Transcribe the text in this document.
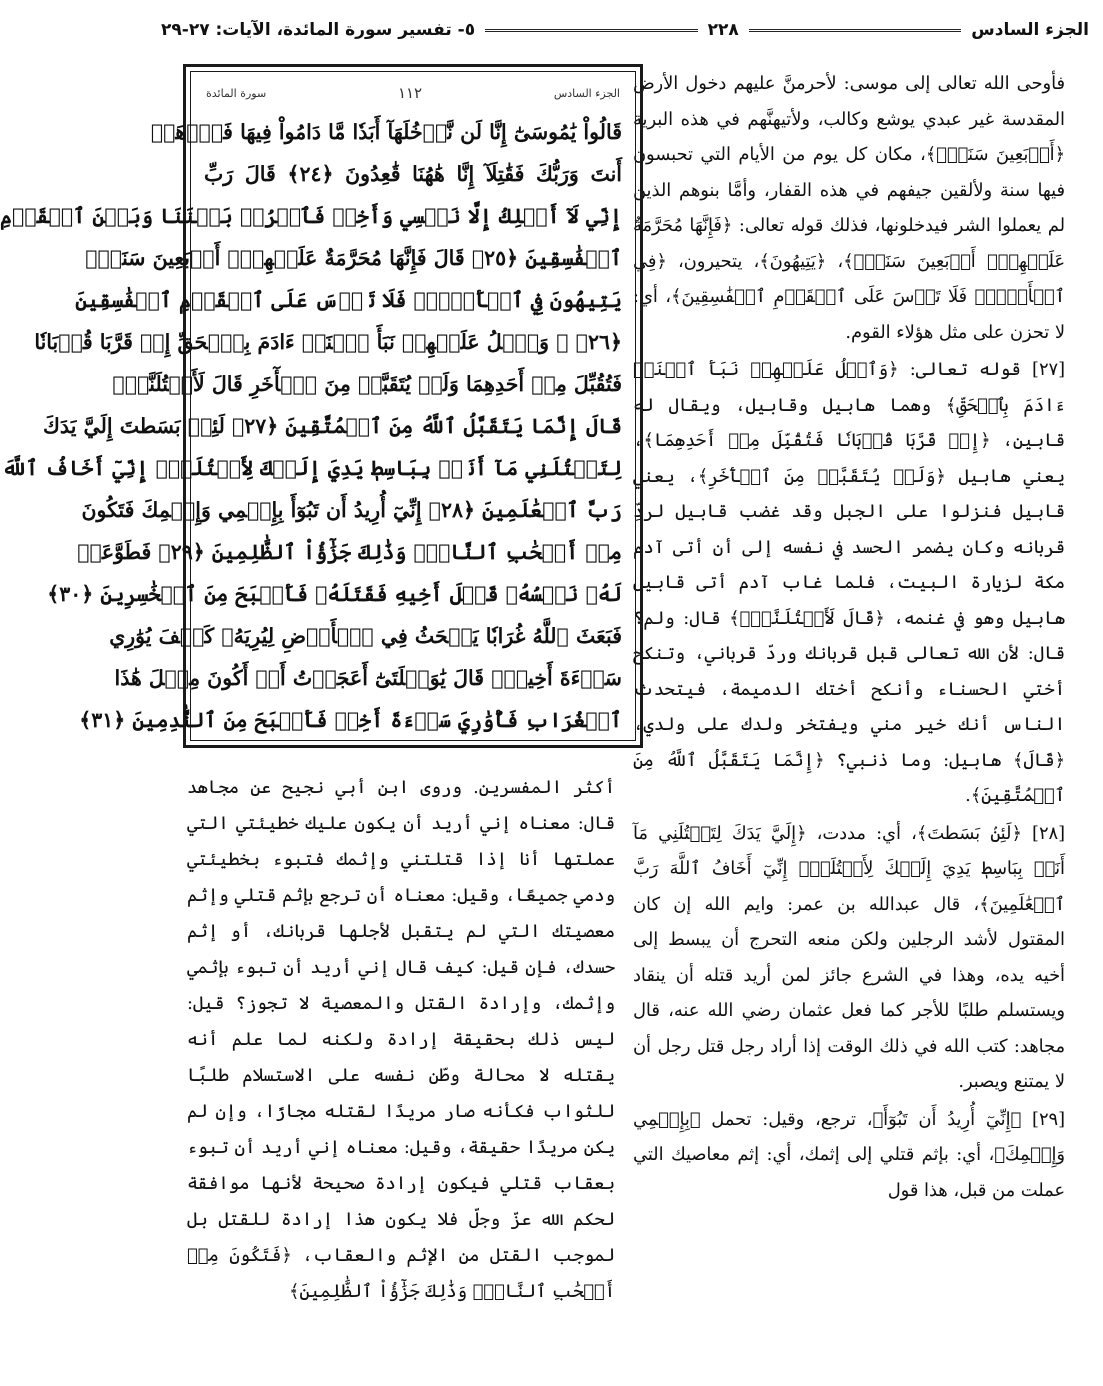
الجزء السادس
٢٢٨
٥- تفسير سورة المائدة، الآيات: ٢٧-٢٩

فأوحى الله تعالى إلى موسى: لأحرمنَّ عليهم دخول الأرض المقدسة غير عبدي يوشع وكالب، ولأتيهنَّهم في هذه البرية ﴿أَرۡبَعِينَ سَنَةٗۛ﴾، مكان كل يوم من الأيام التي تحبسون فيها سنة ولألقين جيفهم في هذه القفار، وأمَّا بنوهم الذين لم يعملوا الشر فيدخلونها، فذلك قوله تعالى: ﴿فَإِنَّهَا مُحَرَّمَةٌ عَلَيۡهِمۡۛ أَرۡبَعِينَ سَنَةٗۛ﴾، ﴿يَتِيهُونَ﴾، يتحيرون، ﴿فِي ٱلۡأَرۡضِۚ فَلَا تَأۡسَ عَلَى ٱلۡقَوۡمِ ٱلۡفَٰسِقِينَ﴾، أي: لا تحزن على مثل هؤلاء القوم.

[٢٧] قوله تعالى: ﴿وَٱتۡلُ عَلَيۡهِمۡ نَبَأَ ٱبۡنَيۡ ءَادَمَ بِٱلۡحَقِّ﴾ وهما هابيل وقابيل، ويقال له قابين، ﴿إِذۡ قَرَّبَا قُرۡبَانٗا فَتُقُبِّلَ مِنۡ أَحَدِهِمَا﴾، يعني هابيل ﴿وَلَمۡ يُتَقَبَّلۡ مِنَ ٱلۡأٓخَرِ﴾، يعني قابيل فنزلوا على الجبل وقد غضب قابيل لردِّ قربانه وكان يضمر الحسد في نفسه إلى أن أتى آدم مكة لزيارة البيت، فلما غاب آدم أتى قابيل هابيل وهو في غنمه، ﴿قَالَ لَأَقۡتُلَنَّكَۖ﴾ قال: ولم؟ قال: لأن الله تعالى قبل قربانك وردّ قرباني، وتنكح أختي الحسناء وأنكح أختك الدميمة، فيتحدث الناس أنك خير مني ويفتخر ولدك على ولدي، ﴿قَالَ﴾ هابيل: وما ذنبي؟ ﴿إِنَّمَا يَتَقَبَّلُ ٱللَّهُ مِنَ ٱلۡمُتَّقِينَ﴾.

[٢٨] ﴿لَئِنۢ بَسَطتَ﴾، أي: مددت، ﴿إِلَيَّ يَدَكَ لِتَقۡتُلَنِي مَآ أَنَا۠ بِبَاسِطٖ يَدِيَ إِلَيۡكَ لِأَقۡتُلَكَۖ إِنِّيٓ أَخَافُ ٱللَّهَ رَبَّ ٱلۡعَٰلَمِينَ﴾، قال عبدالله بن عمر: وايم الله إن كان المقتول لأشد الرجلين ولكن منعه التحرج أن يبسط إلى أخيه يده، وهذا في الشرع جائز لمن أريد قتله أن ينقاد ويستسلم طلبًا للأجر كما فعل عثمان رضي الله عنه، قال مجاهد: كتب الله في ذلك الوقت إذا أراد رجل قتل رجل أن لا يمتنع ويصبر.

[٢٩] ﴿إِنِّيٓ أُرِيدُ أَن تَبُوٓأَ﴾، ترجع، وقيل: تحمل ﴿بِإِثۡمِي وَإِثۡمِكَ﴾، أي: بإثم قتلي إلى إثمك، أي: إثم معاصيك التي عملت من قبل، هذا قول

الجزء السادس
١١٢
سورة المائدة
قَالُواْ يَٰمُوسَىٰٓ إِنَّا لَن نَّدۡخُلَهَآ أَبَدٗا مَّا دَامُواْ فِيهَا فَٱذۡهَبۡ
أَنتَ وَرَبُّكَ فَقَٰتِلَآ إِنَّا هَٰهُنَا قَٰعِدُونَ ﴿٢٤﴾ قَالَ رَبِّ
إِنِّي لَآ أَمۡلِكُ إِلَّا نَفۡسِي وَأَخِيۖ فَٱفۡرُقۡ بَيۡنَنَا وَبَيۡنَ ٱلۡقَوۡمِ
ٱلۡفَٰسِقِينَ ﴿٢٥﴾ قَالَ فَإِنَّهَا مُحَرَّمَةٌ عَلَيۡهِمۡۛ أَرۡبَعِينَ سَنَةٗۛ
يَتِيهُونَ فِي ٱلۡأَرۡضِۚ فَلَا تَأۡسَ عَلَى ٱلۡقَوۡمِ ٱلۡفَٰسِقِينَ
﴿٢٦﴾ ۞ وَٱتۡلُ عَلَيۡهِمۡ نَبَأَ ٱبۡنَيۡ ءَادَمَ بِٱلۡحَقِّ إِذۡ قَرَّبَا قُرۡبَانٗا
فَتُقُبِّلَ مِنۡ أَحَدِهِمَا وَلَمۡ يُتَقَبَّلۡ مِنَ ٱلۡأٓخَرِ قَالَ لَأَقۡتُلَنَّكَۖ
قَالَ إِنَّمَا يَتَقَبَّلُ ٱللَّهُ مِنَ ٱلۡمُتَّقِينَ ﴿٢٧﴾ لَئِنۢ بَسَطتَ إِلَيَّ يَدَكَ
لِتَقۡتُلَنِي مَآ أَنَا۠ بِبَاسِطٖ يَدِيَ إِلَيۡكَ لِأَقۡتُلَكَۖ إِنِّيٓ أَخَافُ ٱللَّهَ
رَبَّ ٱلۡعَٰلَمِينَ ﴿٢٨﴾ إِنِّيٓ أُرِيدُ أَن تَبُوٓأَ بِإِثۡمِي وَإِثۡمِكَ فَتَكُونَ
مِنۡ أَصۡحَٰبِ ٱلنَّارِۚ وَذَٰلِكَ جَزَٰٓؤُاْ ٱلظَّٰلِمِينَ ﴿٢٩﴾ فَطَوَّعَتۡ
لَهُۥ نَفۡسُهُۥ قَتۡلَ أَخِيهِ فَقَتَلَهُۥ فَأَصۡبَحَ مِنَ ٱلۡخَٰسِرِينَ ﴿٣٠﴾
فَبَعَثَ ٱللَّهُ غُرَابٗا يَبۡحَثُ فِي ٱلۡأَرۡضِ لِيُرِيَهُۥ كَيۡفَ يُوَٰرِي
سَوۡءَةَ أَخِيهِۚ قَالَ يَٰوَيۡلَتَىٰٓ أَعَجَزۡتُ أَنۡ أَكُونَ مِثۡلَ هَٰذَا
ٱلۡغُرَابِ فَأُوَٰرِيَ سَوۡءَةَ أَخِيۖ فَأَصۡبَحَ مِنَ ٱلنَّٰدِمِينَ ﴿٣١﴾
أكثر المفسرين. وروى ابن أبي نجيح عن مجاهد قال: معناه إني أريد أن يكون عليك خطيئتي التي عملتها أنا إذا قتلتني وإثمك فتبوء بخطيئتي ودمي جميعًا، وقيل: معناه أن ترجع بإثم قتلي وإثم معصيتك التي لم يتقبل لأجلها قربانك، أو إثم حسدك، فإن قيل: كيف قال إني أريد أن تبوء بإثمي وإثمك، وإرادة القتل والمعصية لا تجوز؟ قيل: ليس ذلك بحقيقة إرادة ولكنه لما علم أنه يقتله لا محالة وطّن نفسه على الاستسلام طلبًا للثواب فكأنه صار مريدًا لقتله مجازًا، وإن لم يكن مريدًا حقيقة، وقيل: معناه إني أريد أن تبوء بعقاب قتلي فيكون إرادة صحيحة لأنها موافقة لحكم الله عزّ وجلّ فلا يكون هذا إرادة للقتل بل لموجب القتل من الإثم والعقاب، ﴿فَتَكُونَ مِنۡ أَصۡحَٰبِ ٱلنَّارِۚ وَذَٰلِكَ جَزَٰٓؤُاْ ٱلظَّٰلِمِينَ﴾
